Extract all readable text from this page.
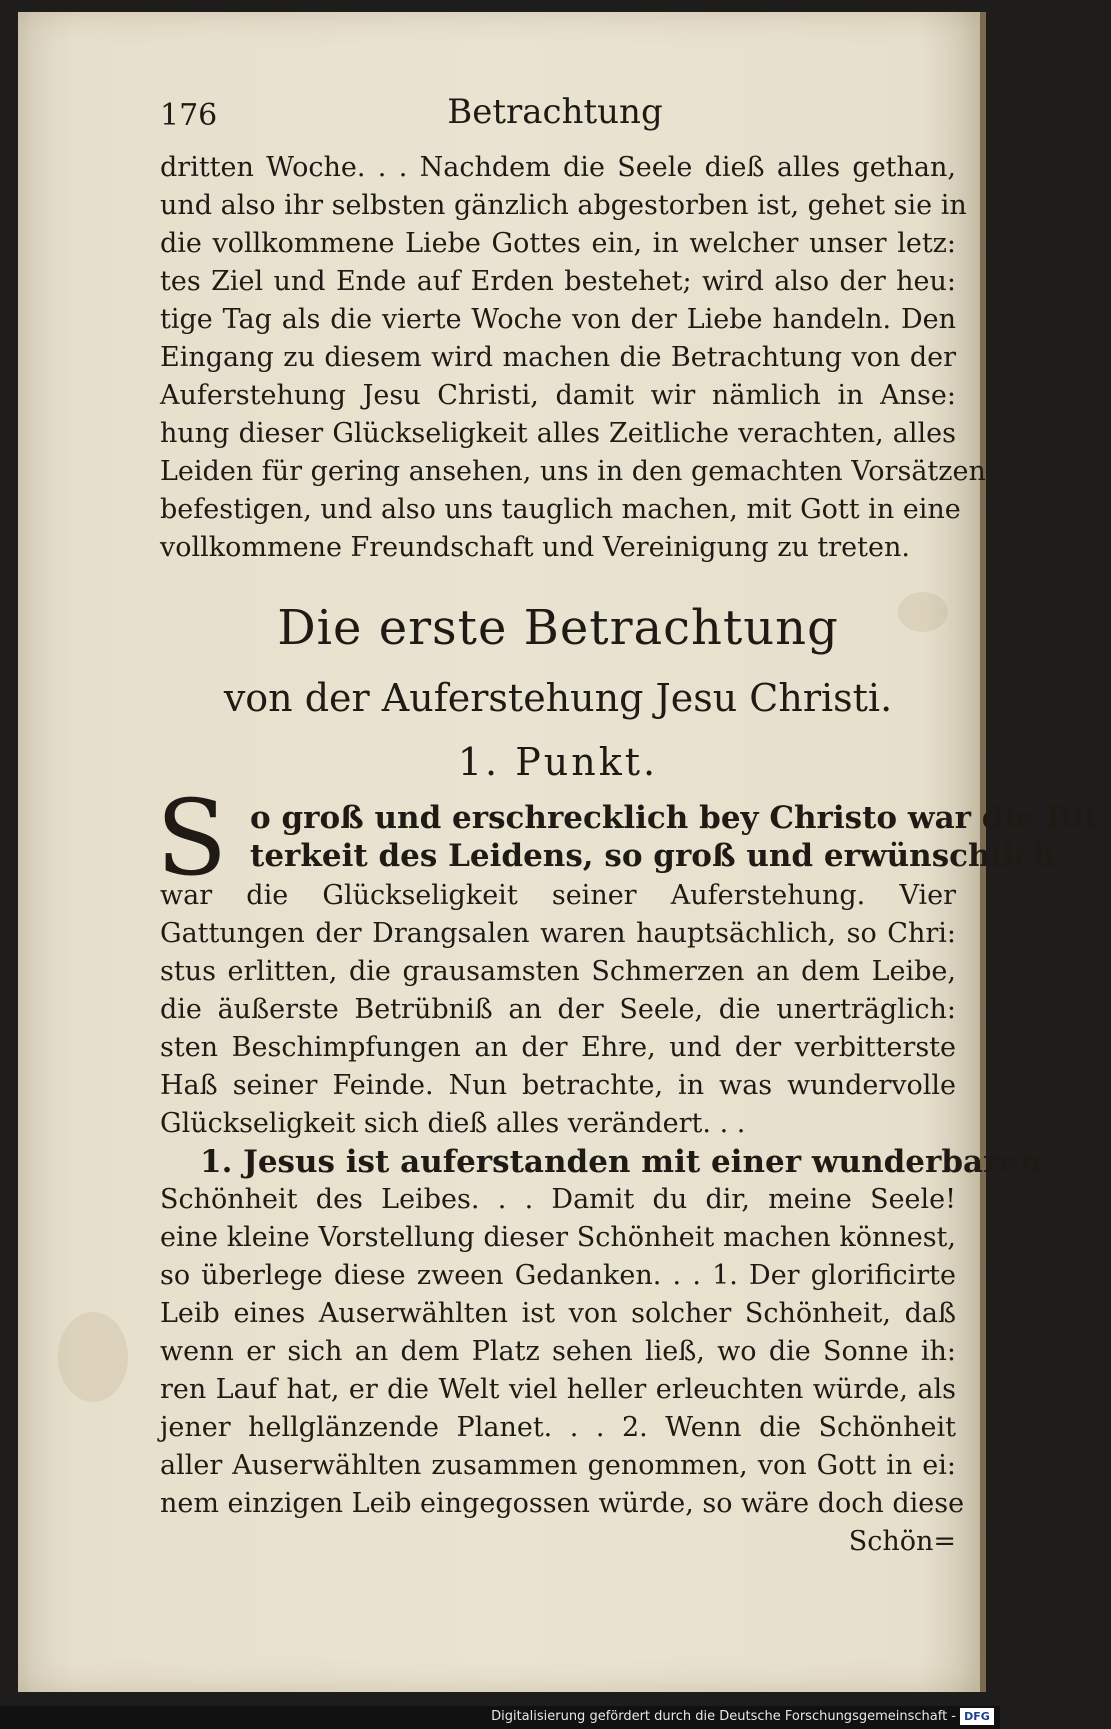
176	Betrachtung
dritten Woche. . . Nachdem die Seele dieß alles gethan,
und also ihr selbsten gänzlich abgestorben ist, gehet sie in
die vollkommene Liebe Gottes ein, in welcher unser letz:
tes Ziel und Ende auf Erden bestehet; wird also der heu:
tige Tag als die vierte Woche von der Liebe handeln. Den
Eingang zu diesem wird machen die Betrachtung von der
Auferstehung Jesu Christi, damit wir nämlich in Anse:
hung dieser Glückseligkeit alles Zeitliche verachten, alles
Leiden für gering ansehen, uns in den gemachten Vorsätzen
befestigen, und also uns tauglich machen, mit Gott in eine
vollkommene Freundschaft und Vereinigung zu treten.
Die erste Betrachtung
von der Auferstehung Jesu Christi.
1. Punkt.
S o groß und erschrecklich bey Christo war die Bit-
terkeit des Leidens, so groß und erwünschlich
war die Glückseligkeit seiner Auferstehung. Vier
Gattungen der Drangsalen waren hauptsächlich, so Chri:
stus erlitten, die grausamsten Schmerzen an dem Leibe,
die äußerste Betrübniß an der Seele, die unerträglich:
sten Beschimpfungen an der Ehre, und der verbitterste
Haß seiner Feinde. Nun betrachte, in was wundervolle
Glückseligkeit sich dieß alles verändert. . .
1. Jesus ist auferstanden mit einer wunderbaren
Schönheit des Leibes. . . Damit du dir, meine Seele!
eine kleine Vorstellung dieser Schönheit machen könnest,
so überlege diese zween Gedanken. . . 1. Der glorificirte
Leib eines Auserwählten ist von solcher Schönheit, daß
wenn er sich an dem Platz sehen ließ, wo die Sonne ih:
ren Lauf hat, er die Welt viel heller erleuchten würde, als
jener hellglänzende Planet. . . 2. Wenn die Schönheit
aller Auserwählten zusammen genommen, von Gott in ei:
nem einzigen Leib eingegossen würde, so wäre doch diese
Schön=
Digitalisierung gefördert durch die Deutsche Forschungsgemeinschaft - DFG
